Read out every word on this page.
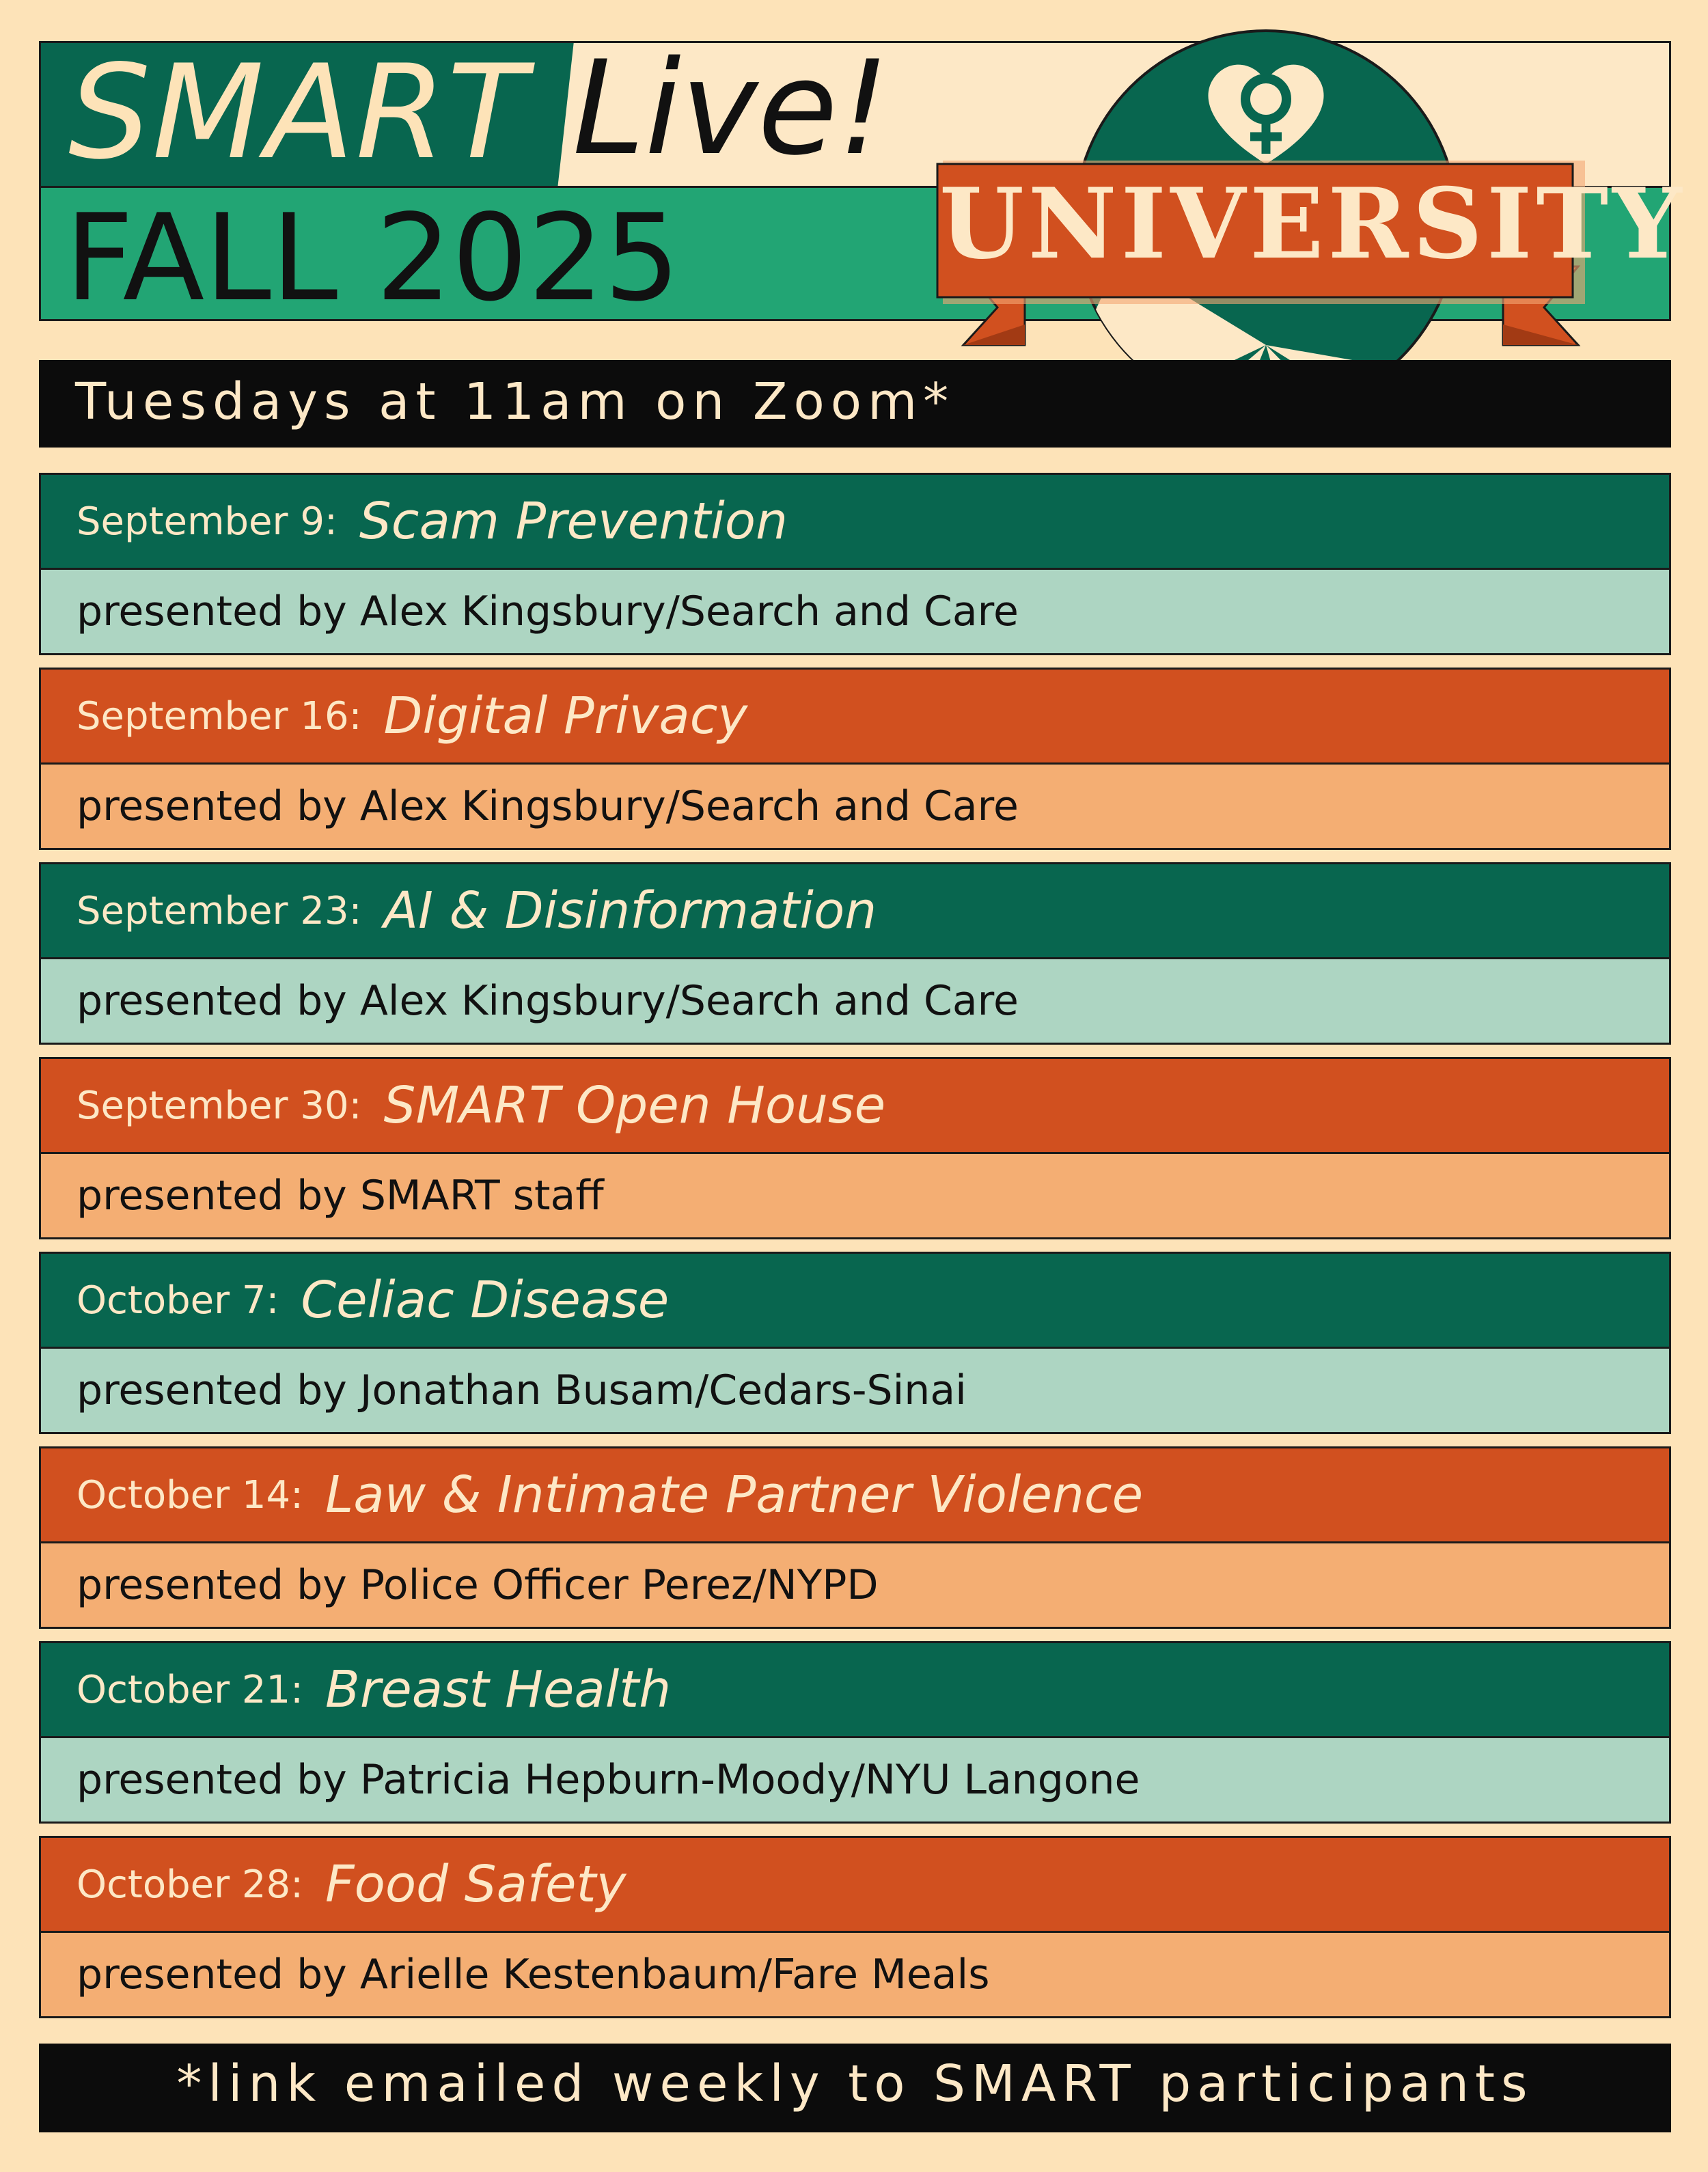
SMART Live!
FALL 2025	UNIVERSITY
Tuesdays at 11am on Zoom*
September 9: Scam Prevention
presented by Alex Kingsbury/Search and Care
September 16: Digital Privacy
presented by Alex Kingsbury/Search and Care
September 23: AI & Disinformation
presented by Alex Kingsbury/Search and Care
September 30: SMART Open House
presented by SMART staff
October 7: Celiac Disease
presented by Jonathan Busam/Cedars-Sinai
October 14: Law & Intimate Partner Violence
presented by Police Officer Perez/NYPD
October 21: Breast Health
presented by Patricia Hepburn-Moody/NYU Langone
October 28: Food Safety
presented by Arielle Kestenbaum/Fare Meals
*link emailed weekly to SMART participants
